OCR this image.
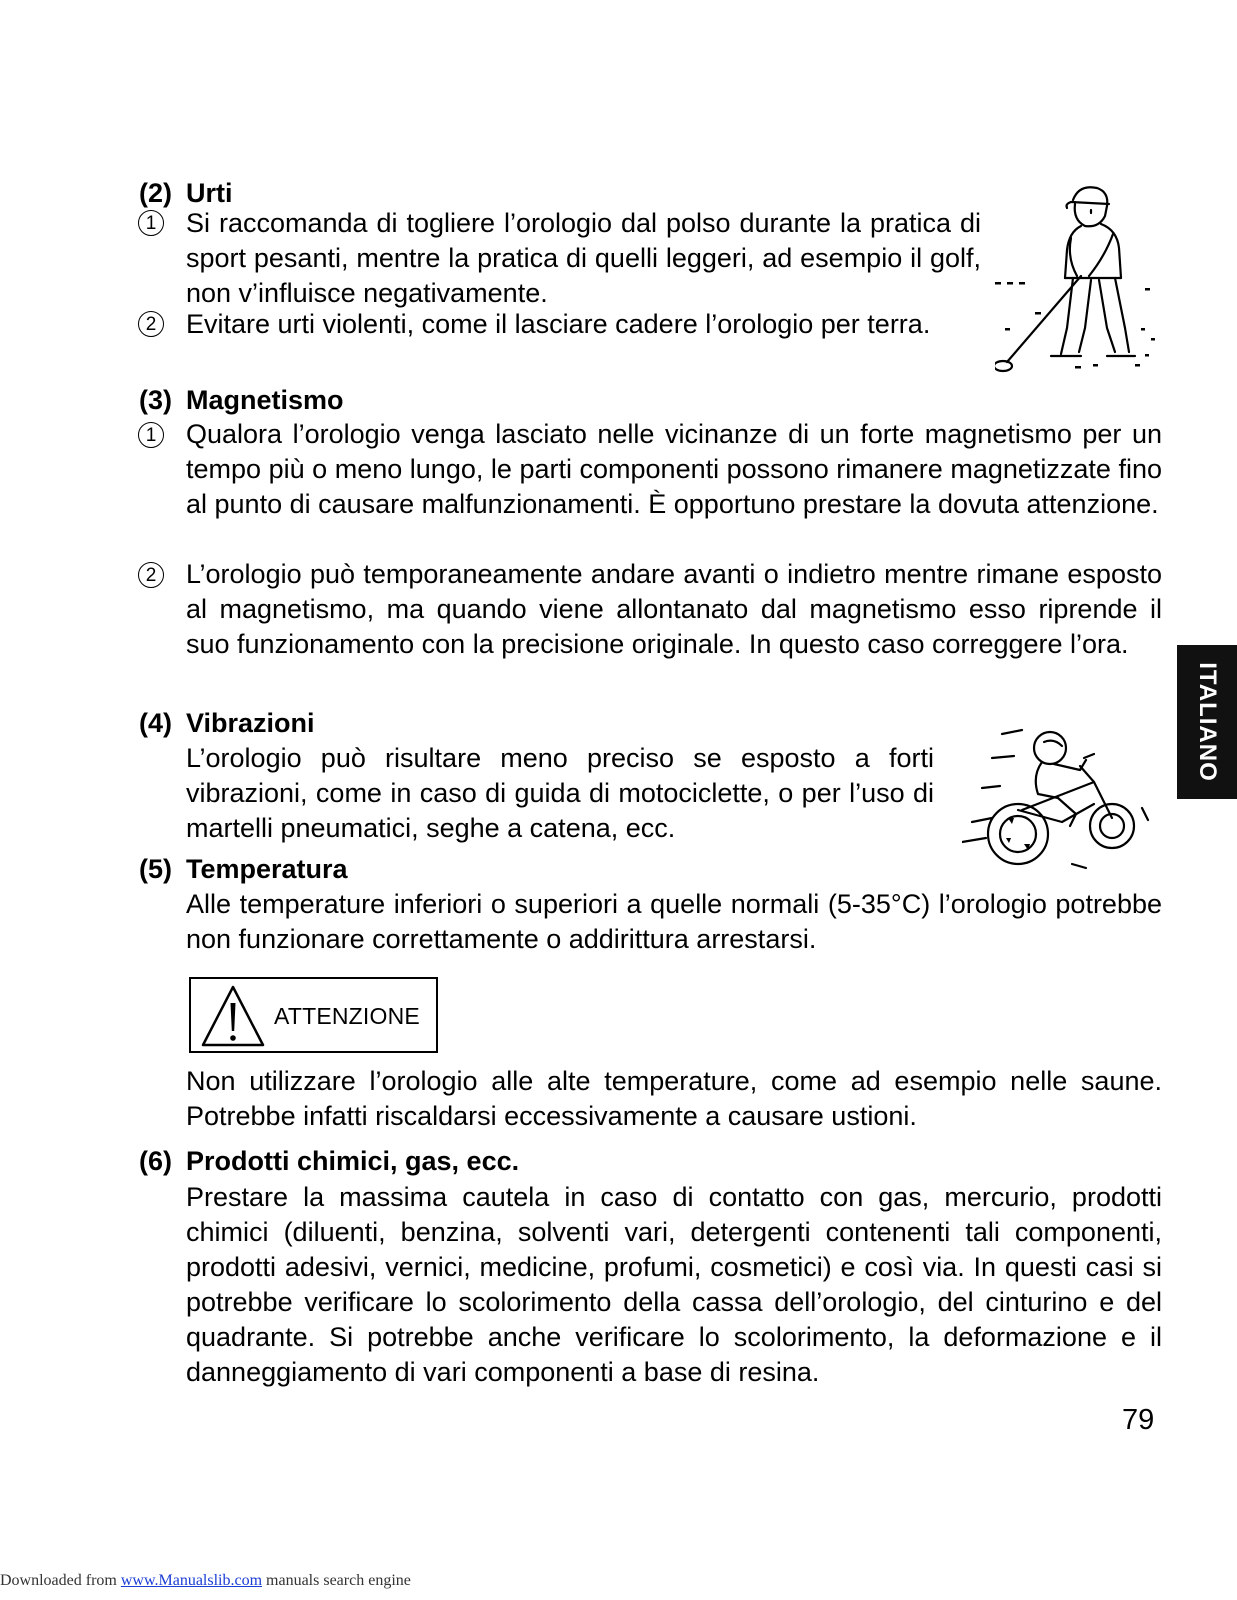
(2) Urti
1 Si raccomanda di togliere l’orologio dal polso durante la pratica di sport pesanti, mentre la pratica di quelli leggeri, ad esempio il golf, non v’influisce negativamente.

2 Evitare urti violenti, come il lasciare cadere l’orologio per terra.

(3) Magnetismo
1 Qualora l’orologio venga lasciato nelle vicinanze di un forte magnetismo per un tempo più o meno lungo, le parti componenti possono rimanere magnetizzate fino al punto di causare malfunzionamenti. È opportuno prestare la dovuta attenzione.

2 L’orologio può temporaneamente andare avanti o indietro mentre rimane esposto al magnetismo, ma quando viene allontanato dal magnetismo esso riprende il suo funzionamento con la precisione originale. In questo caso correggere l’ora.

(4) Vibrazioni

L’orologio può risultare meno preciso se esposto a forti vibrazioni, come in caso di guida di motociclette, o per l’uso di martelli pneumatici, seghe a catena, ecc.

(5) Temperatura

Alle temperature inferiori o superiori a quelle normali (5-35°C) l’orologio potrebbe non funzionare correttamente o addirittura arrestarsi.

ATTENZIONE

Non utilizzare l’orologio alle alte temperature, come ad esempio nelle saune. Potrebbe infatti riscaldarsi eccessivamente a causare ustioni.

(6) Prodotti chimici, gas, ecc.

Prestare la massima cautela in caso di contatto con gas, mercurio, prodotti chimici (diluenti, benzina, solventi vari, detergenti contenenti tali componenti, prodotti adesivi, vernici, medicine, profumi, cosmetici) e così via. In questi casi si potrebbe verificare lo scolorimento della cassa dell’orologio, del cinturino e del quadrante. Si potrebbe anche verificare lo scolorimento, la deformazione e il danneggiamento di vari componenti a base di resina.

ITALIANO
79
Downloaded from www.Manualslib.com manuals search engine
